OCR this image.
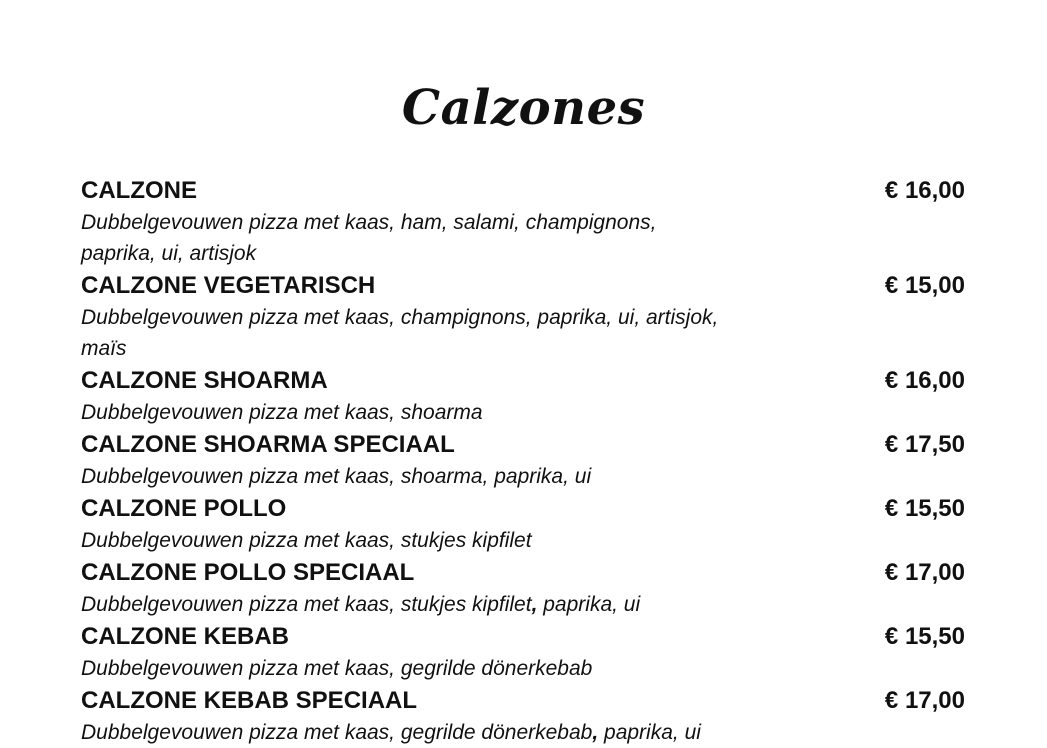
Calzones
CALZONE	€ 16,00
Dubbelgevouwen pizza met kaas, ham, salami, champignons,
paprika, ui, artisjok
CALZONE VEGETARISCH	€ 15,00
Dubbelgevouwen pizza met kaas, champignons, paprika, ui, artisjok,
maïs
CALZONE SHOARMA	€ 16,00
Dubbelgevouwen pizza met kaas, shoarma
CALZONE SHOARMA SPECIAAL	€ 17,50
Dubbelgevouwen pizza met kaas, shoarma, paprika, ui
CALZONE POLLO	€ 15,50
Dubbelgevouwen pizza met kaas, stukjes kipfilet
CALZONE POLLO SPECIAAL	€ 17,00
Dubbelgevouwen pizza met kaas, stukjes kipfilet, paprika, ui
CALZONE KEBAB	€ 15,50
Dubbelgevouwen pizza met kaas, gegrilde dönerkebab
CALZONE KEBAB SPECIAAL	€ 17,00
Dubbelgevouwen pizza met kaas, gegrilde dönerkebab, paprika, ui
